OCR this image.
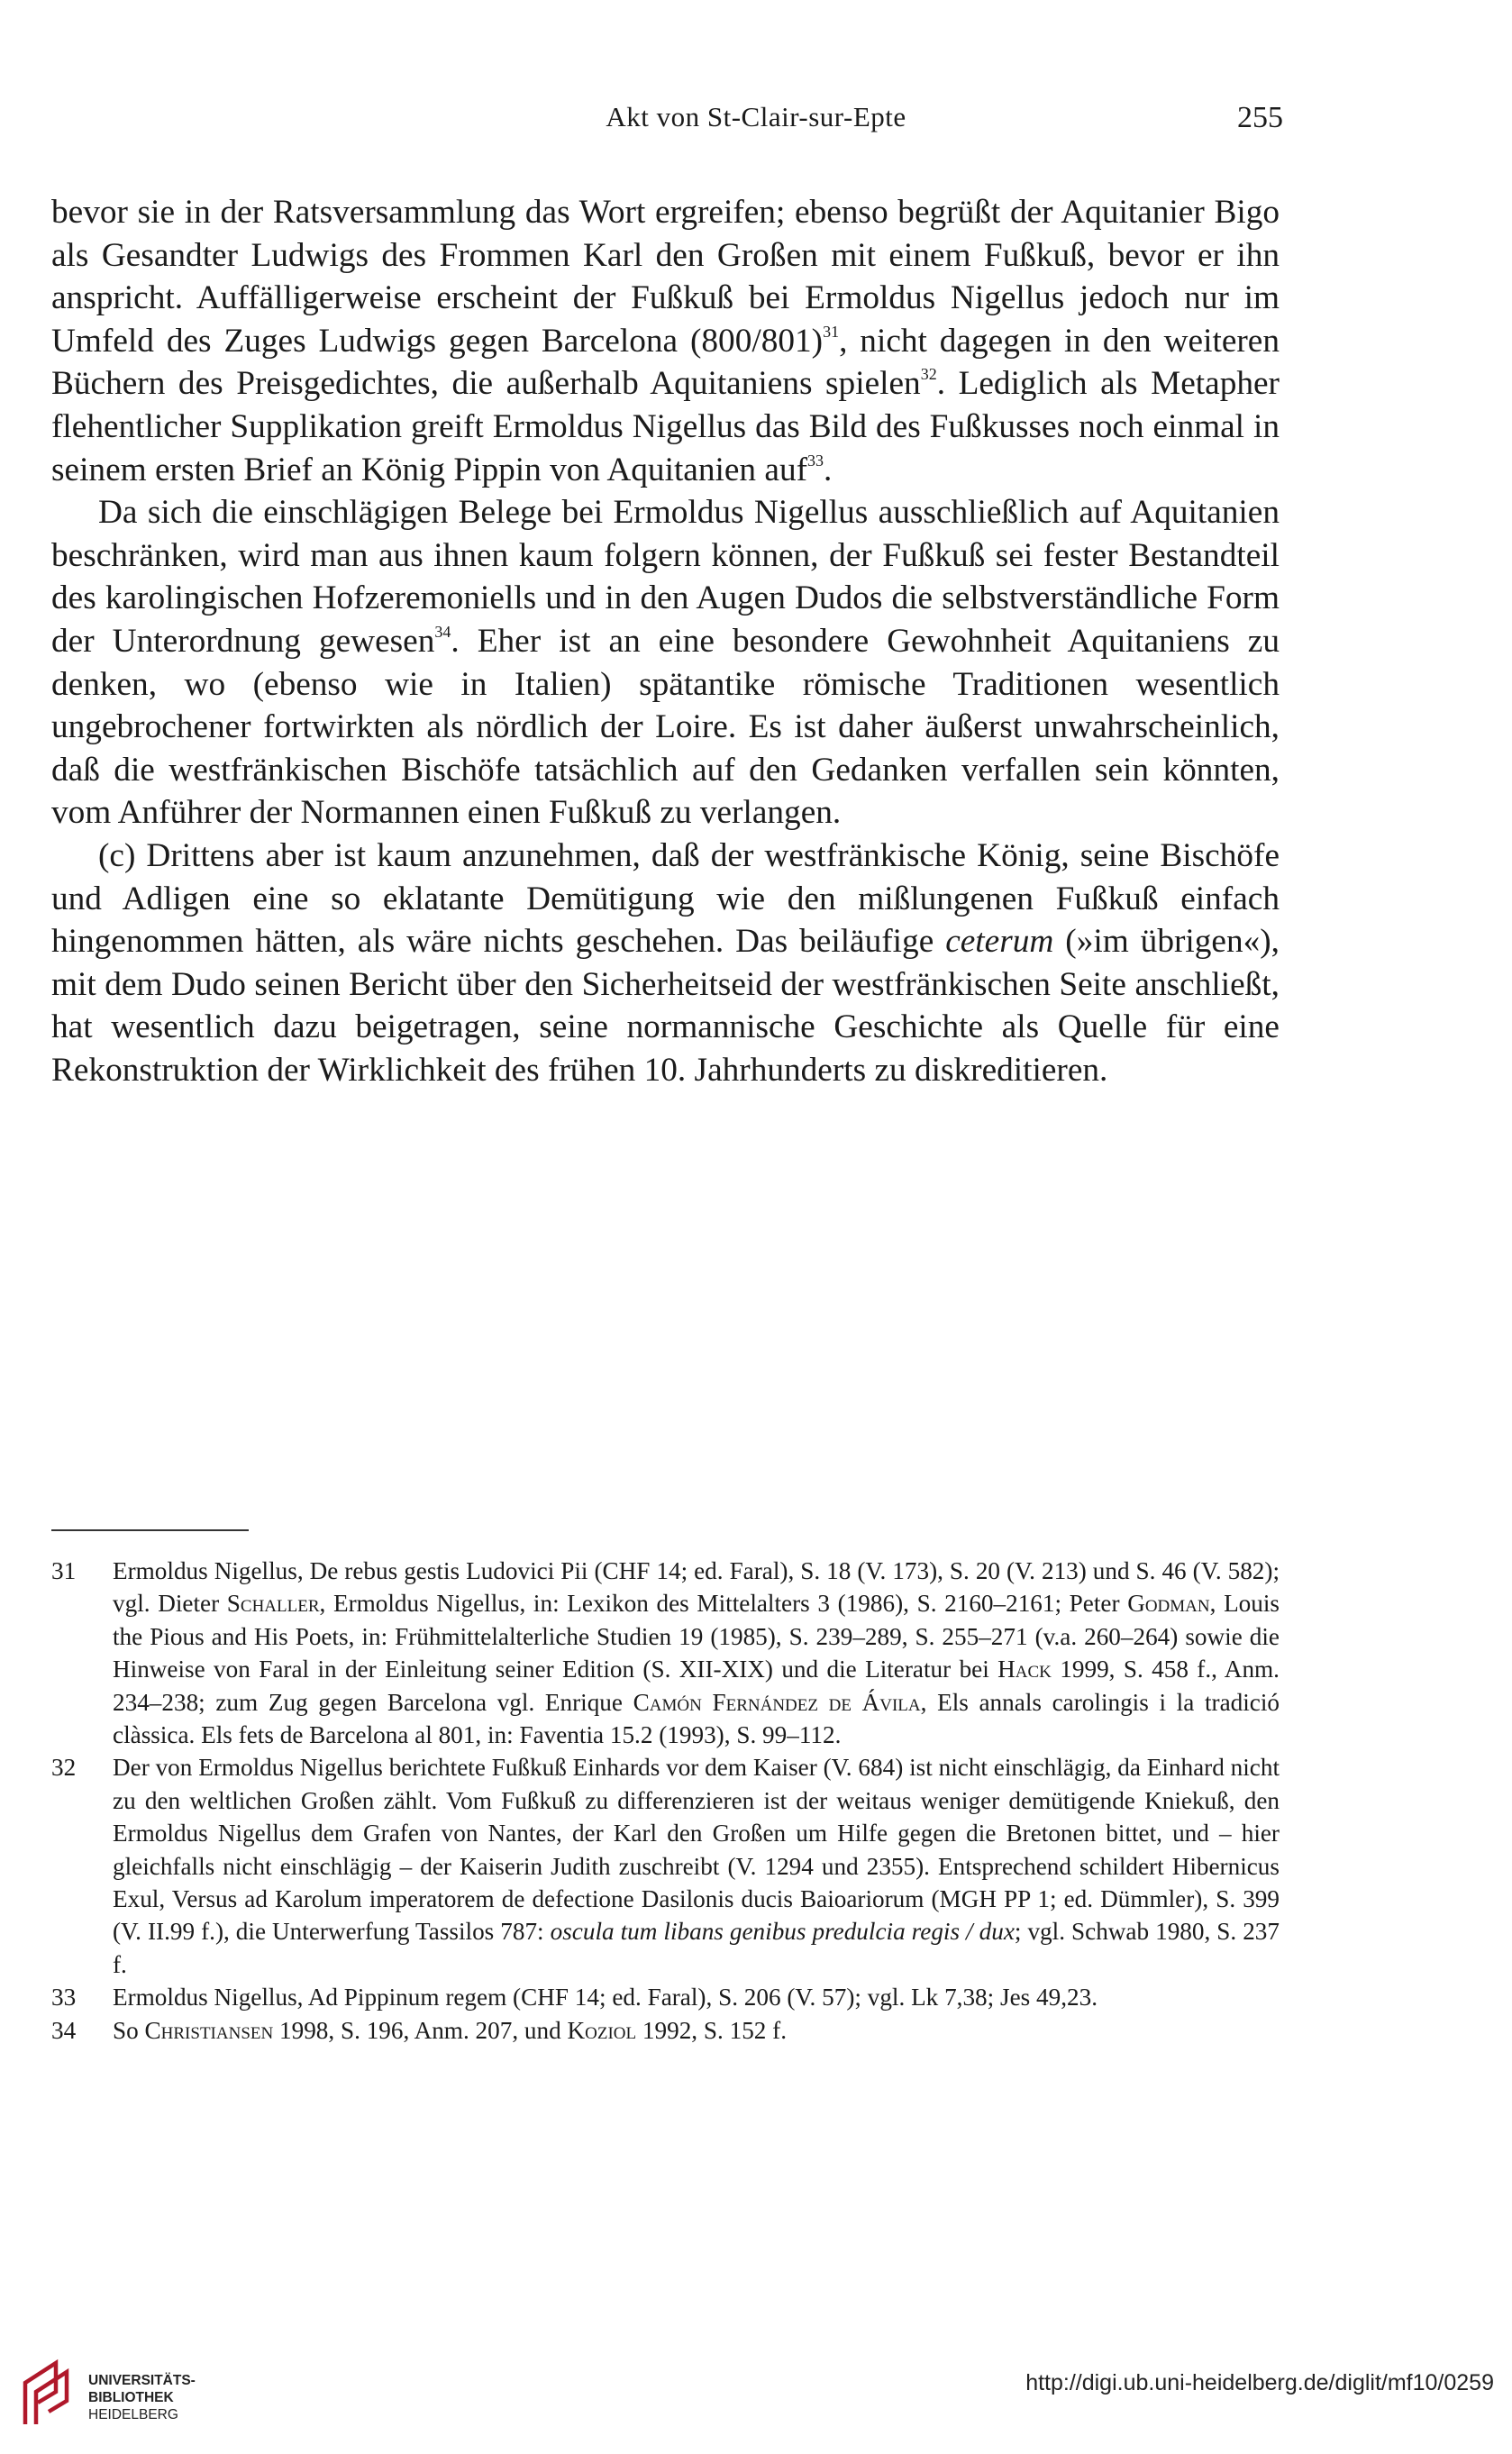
Akt von St-Clair-sur-Epte	255

bevor sie in der Ratsversammlung das Wort ergreifen; ebenso begrüßt der Aquitanier Bigo als Gesandter Ludwigs des Frommen Karl den Großen mit einem Fußkuß, bevor er ihn anspricht. Auffälligerweise erscheint der Fußkuß bei Ermoldus Nigellus jedoch nur im Umfeld des Zuges Ludwigs gegen Barcelona (800/801)$^{31}$, nicht dagegen in den weiteren Büchern des Preisgedichtes, die außerhalb Aquitaniens spielen$^{32}$. Lediglich als Metapher flehentlicher Supplikation greift Ermoldus Nigellus das Bild des Fußkusses noch einmal in seinem ersten Brief an König Pippin von Aquitanien auf$^{33}$.

Da sich die einschlägigen Belege bei Ermoldus Nigellus ausschließlich auf Aquitanien beschränken, wird man aus ihnen kaum folgern können, der Fußkuß sei fester Bestandteil des karolingischen Hofzeremoniells und in den Augen Dudos die selbstverständliche Form der Unterordnung gewesen$^{34}$. Eher ist an eine besondere Gewohnheit Aquitaniens zu denken, wo (ebenso wie in Italien) spätantike römische Traditionen wesentlich ungebrochener fortwirkten als nördlich der Loire. Es ist daher äußerst unwahrscheinlich, daß die westfränkischen Bischöfe tatsächlich auf den Gedanken verfallen sein könnten, vom Anführer der Normannen einen Fußkuß zu verlangen.

(c) Drittens aber ist kaum anzunehmen, daß der westfränkische König, seine Bischöfe und Adligen eine so eklatante Demütigung wie den mißlungenen Fußkuß einfach hingenommen hätten, als wäre nichts geschehen. Das beiläufige ceterum (»im übrigen«), mit dem Dudo seinen Bericht über den Sicherheitseid der westfränkischen Seite anschließt, hat wesentlich dazu beigetragen, seine normannische Geschichte als Quelle für eine Rekonstruktion der Wirklichkeit des frühen 10. Jahrhunderts zu diskreditieren.

31 Ermoldus Nigellus, De rebus gestis Ludovici Pii (CHF 14; ed. Faral), S. 18 (V. 173), S. 20 (V. 213) und S. 46 (V. 582); vgl. Dieter Schaller, Ermoldus Nigellus, in: Lexikon des Mittelalters 3 (1986), S. 2160–2161; Peter Godman, Louis the Pious and His Poets, in: Frühmittelalterliche Studien 19 (1985), S. 239–289, S. 255–271 (v.a. 260–264) sowie die Hinweise von Faral in der Einleitung seiner Edition (S. XII-XIX) und die Literatur bei Hack 1999, S. 458 f., Anm. 234–238; zum Zug gegen Barcelona vgl. Enrique Camón Fernández de Ávila, Els annals carolingis i la tradició clàssica. Els fets de Barcelona al 801, in: Faventia 15.2 (1993), S. 99–112.
32 Der von Ermoldus Nigellus berichtete Fußkuß Einhards vor dem Kaiser (V. 684) ist nicht einschlägig, da Einhard nicht zu den weltlichen Großen zählt. Vom Fußkuß zu differenzieren ist der weitaus weniger demütigende Kniekuß, den Ermoldus Nigellus dem Grafen von Nantes, der Karl den Großen um Hilfe gegen die Bretonen bittet, und – hier gleichfalls nicht einschlägig – der Kaiserin Judith zuschreibt (V. 1294 und 2355). Entsprechend schildert Hibernicus Exul, Versus ad Karolum imperatorem de defectione Dasilonis ducis Baioariorum (MGH PP 1; ed. Dümmler), S. 399 (V. II.99 f.), die Unterwerfung Tassilos 787: oscula tum libans genibus predulcia regis / dux; vgl. Schwab 1980, S. 237 f.
33 Ermoldus Nigellus, Ad Pippinum regem (CHF 14; ed. Faral), S. 206 (V. 57); vgl. Lk 7,38; Jes 49,23.
34 So Christiansen 1998, S. 196, Anm. 207, und Koziol 1992, S. 152 f.
UNIVERSITÄTS-
BIBLIOTHEK
HEIDELBERG
http://digi.ub.uni-heidelberg.de/diglit/mf10/0259
